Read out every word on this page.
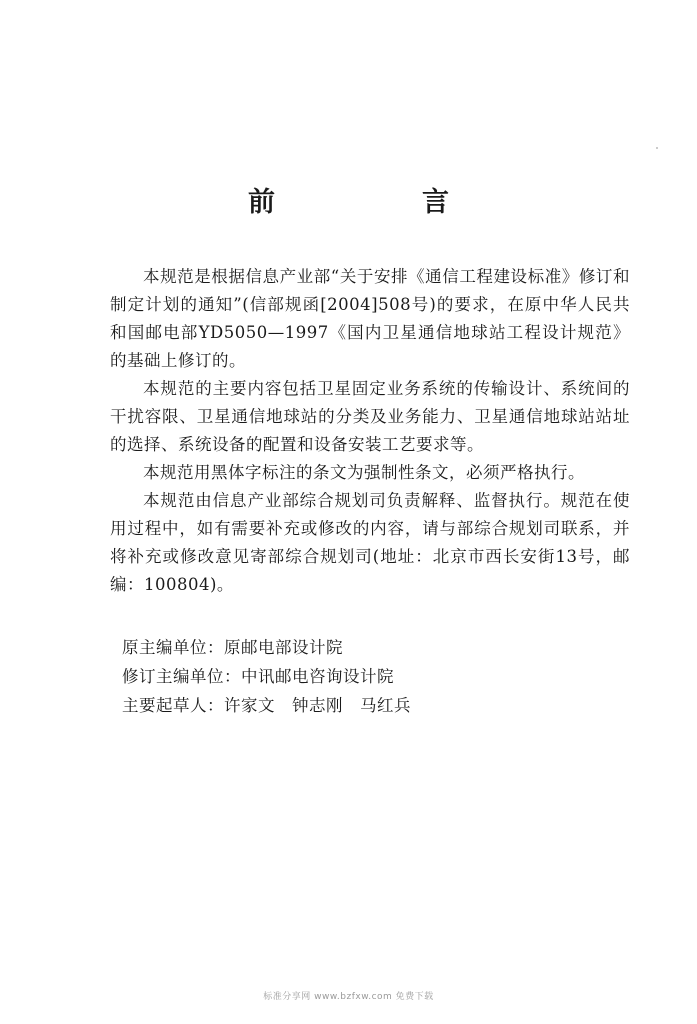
前　言

本规范是根据信息产业部“关于安排《通信工程建设标准》修订和制定计划的通知”(信部规函[2004]508号)的要求，在原中华人民共和国邮电部YD5050—1997《国内卫星通信地球站工程设计规范》的基础上修订的。

本规范的主要内容包括卫星固定业务系统的传输设计、系统间的干扰容限、卫星通信地球站的分类及业务能力、卫星通信地球站站址的选择、系统设备的配置和设备安装工艺要求等。

本规范用黑体字标注的条文为强制性条文，必须严格执行。

本规范由信息产业部综合规划司负责解释、监督执行。规范在使用过程中，如有需要补充或修改的内容，请与部综合规划司联系，并将补充或修改意见寄部综合规划司(地址：北京市西长安街13号，邮编：100804)。

原主编单位：原邮电部设计院

修订主编单位：中讯邮电咨询设计院

主要起草人：许家文　钟志刚　马红兵

标准分享网 www.bzfxw.com 免费下载
